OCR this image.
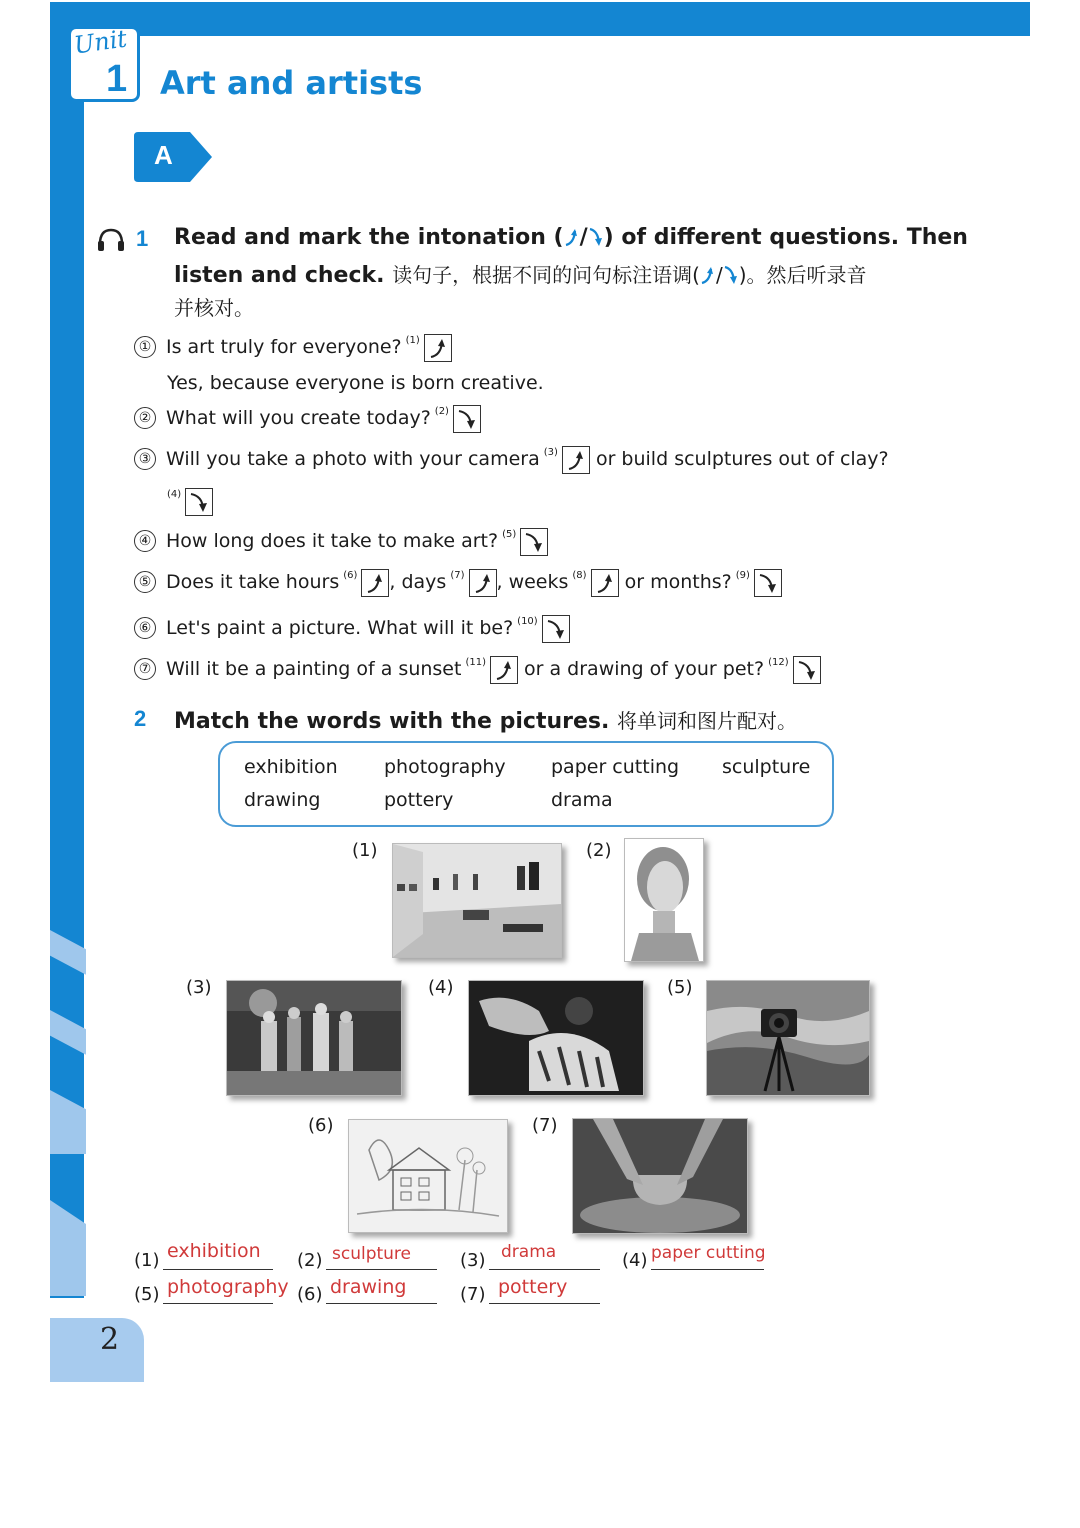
2
Unit
1 Art and artists
A
1 Read and mark the intonation ( / ) of different questions. Then
listen and check. 读句子，根据不同的问句标注语调( / )。然后听录音
并核对。
① Is art truly for everyone? $^{(1)}$
Yes, because everyone is born creative.
② What will you create today? $^{(2)}$
③ Will you take a photo with your camera $^{(3)}$ or build sculptures out of clay?
$^{(4)}$
④ How long does it take to make art? $^{(5)}$
⑤ Does it take hours $^{(6)}$ , days $^{(7)}$ , weeks $^{(8)}$ or months? $^{(9)}$
⑥ Let's paint a picture. What will it be? $^{(10)}$
⑦ Will it be a painting of a sunset $^{(11)}$ or a drawing of your pet? $^{(12)}$
2 Match the words with the pictures. 将单词和图片配对。
exhibition photography paper cutting sculpture
drawing	pottery	drama
(1)	(2)
(3)	(4)	(5)
(6)	(7)
(1) exhibition (2) sculpture	(3) drama	(4) paper cutting
(5) photography (6) drawing	(7) pottery
